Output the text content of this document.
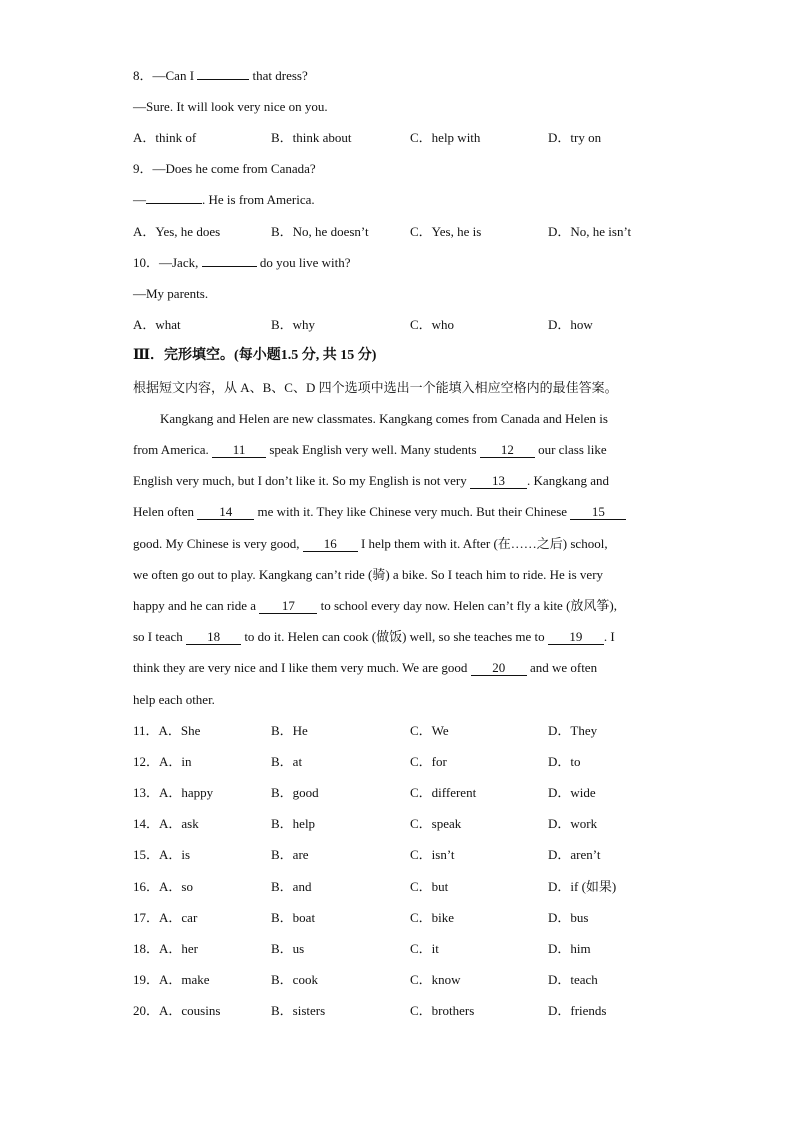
8．—Can I	that dress?
—Sure. It will look very nice on you.
A．think of	B．think about	C．help with	D．try on
9．—Does he come from Canada?
—	. He is from America.
A．Yes, he does	B．No, he doesn’t	C．Yes, he is	D．No, he isn’t
10．—Jack,	do you live with?
—My parents.
A．what	B．why	C．who	D．how
Ⅲ．完形填空。(每小题1.5 分, 共 15 分)
根据短文内容，从 A、B、C、D 四个选项中选出一个能填入相应空格内的最佳答案。
Kangkang and Helen are new classmates. Kangkang comes from Canada and Helen is
from America. 11 speak English very well. Many students 12 our class like
English very much, but I don’t like it. So my English is not very 13 . Kangkang and
Helen often 14 me with it. They like Chinese very much. But their Chinese 15
good. My Chinese is very good, 16 I help them with it. After (在……之后) school,
we often go out to play. Kangkang can’t ride (骑) a bike. So I teach him to ride. He is very
happy and he can ride a 17 to school every day now. Helen can’t fly a kite (放风筝),
so I teach 18 to do it. Helen can cook (做饭) well, so she teaches me to 19 . I
think they are very nice and I like them very much. We are good 20 and we often
help each other.
11．A．She	B．He	C．We	D．They
12．A．in	B．at	C．for	D．to
13．A．happy	B．good	C．different	D．wide
14．A．ask	B．help	C．speak	D．work
15．A．is	B．are	C．isn’t	D．aren’t
16．A．so	B．and	C．but	D．if (如果)
17．A．car	B．boat	C．bike	D．bus
18．A．her	B．us	C．it	D．him
19．A．make	B．cook	C．know	D．teach
20．A．cousins	B．sisters	C．brothers	D．friends
